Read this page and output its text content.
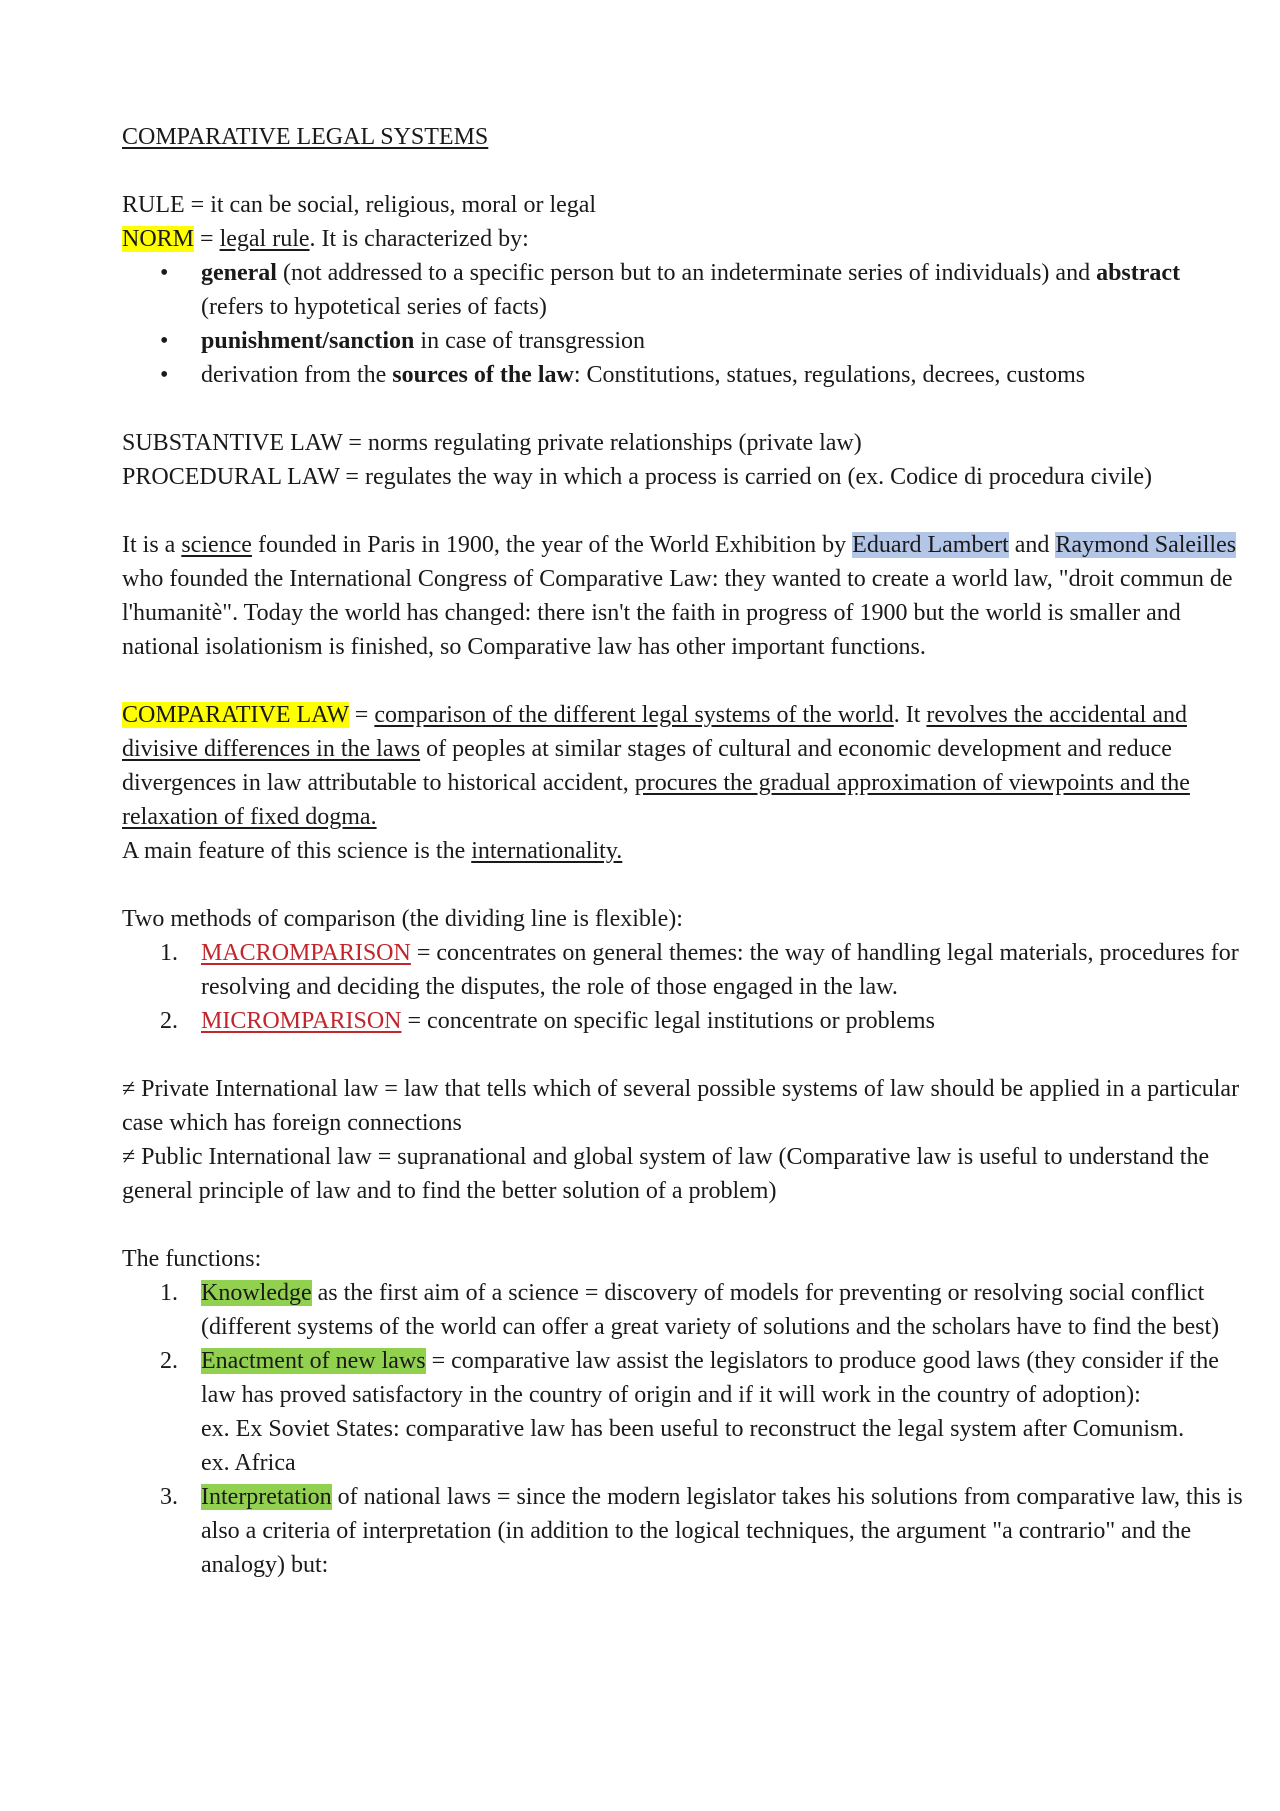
COMPARATIVE LEGAL SYSTEMS

RULE = it can be social, religious, moral or legal

NORM = legal rule. It is characterized by:

• general (not addressed to a specific person but to an indeterminate series of individuals) and abstract (refers to hypotetical series of facts)

• punishment/sanction in case of transgression

• derivation from the sources of the law: Constitutions, statues, regulations, decrees, customs

SUBSTANTIVE LAW = norms regulating private relationships (private law)

PROCEDURAL LAW = regulates the way in which a process is carried on (ex. Codice di procedura civile)

It is a science founded in Paris in 1900, the year of the World Exhibition by Eduard Lambert and Raymond Saleilles who founded the International Congress of Comparative Law: they wanted to create a world law, "droit commun de l'humanitè". Today the world has changed: there isn't the faith in progress of 1900 but the world is smaller and national isolationism is finished, so Comparative law has other important functions.

COMPARATIVE LAW = comparison of the different legal systems of the world. It revolves the accidental and divisive differences in the laws of peoples at similar stages of cultural and economic development and reduce divergences in law attributable to historical accident, procures the gradual approximation of viewpoints and the relaxation of fixed dogma.

A main feature of this science is the internationality.

Two methods of comparison (the dividing line is flexible):

1. MACROMPARISON = concentrates on general themes: the way of handling legal materials, procedures for resolving and deciding the disputes, the role of those engaged in the law.

2. MICROMPARISON = concentrate on specific legal institutions or problems

≠ Private International law = law that tells which of several possible systems of law should be applied in a particular case which has foreign connections

≠ Public International law = supranational and global system of law (Comparative law is useful to understand the general principle of law and to find the better solution of a problem)

The functions:

1. Knowledge as the first aim of a science = discovery of models for preventing or resolving social conflict (different systems of the world can offer a great variety of solutions and the scholars have to find the best)

2. Enactment of new laws = comparative law assist the legislators to produce good laws (they consider if the law has proved satisfactory in the country of origin and if it will work in the country of adoption):

ex. Ex Soviet States: comparative law has been useful to reconstruct the legal system after Comunism.

ex. Africa

3. Interpretation of national laws = since the modern legislator takes his solutions from comparative law, this is also a criteria of interpretation (in addition to the logical techniques, the argument "a contrario" and the analogy) but:
